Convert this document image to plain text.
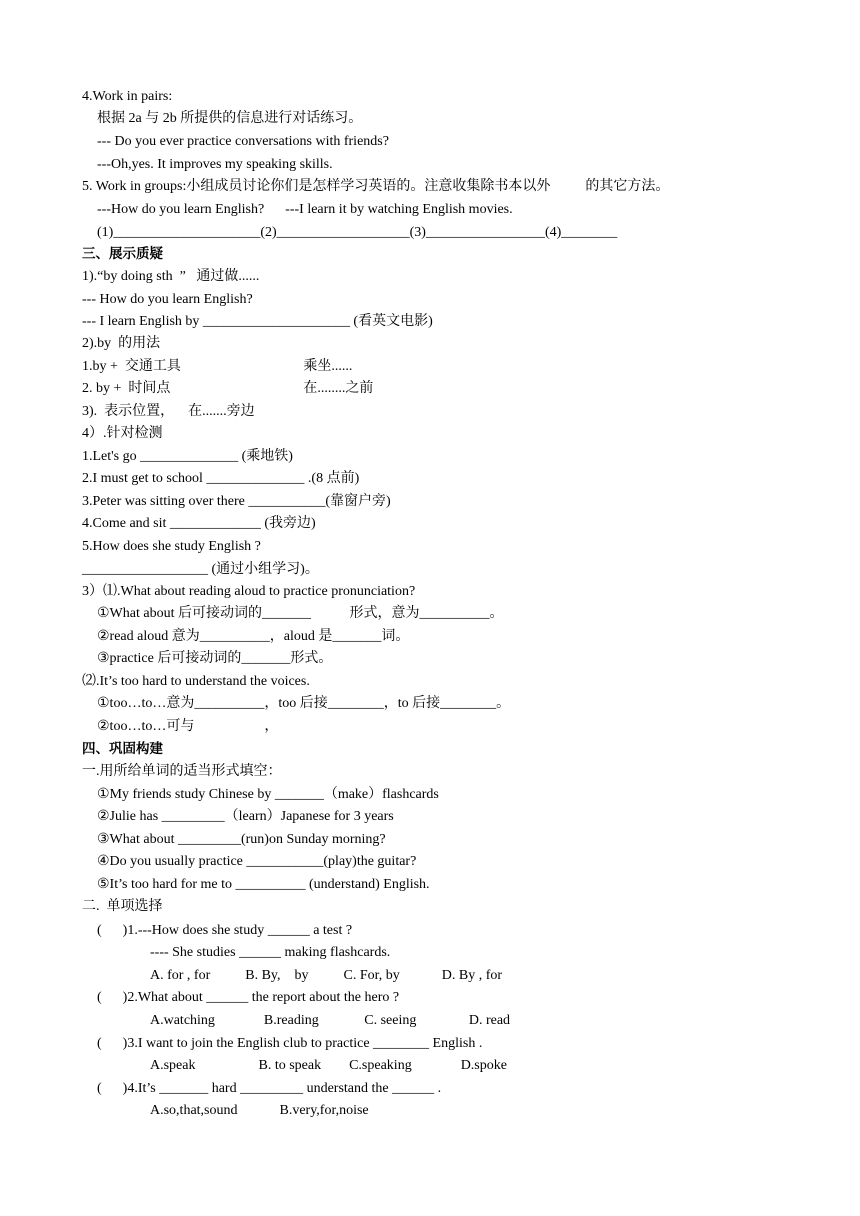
4.Work in pairs:
根据 2a 与 2b 所提供的信息进行对话练习。
--- Do you ever practice conversations with friends?
---Oh,yes. It improves my speaking skills.
5. Work in groups:小组成员讨论你们是怎样学习英语的。注意收集除书本以外          的其它方法。
---How do you learn English?      ---I learn it by watching English movies.
(1)_____________________(2)___________________(3)_________________(4)________
三、展示质疑
1).“by doing sth  ”   通过做......
--- How do you learn English?
--- I learn English by _____________________ (看英文电影)
2).by  的用法
1.by +  交通工具                                   乘坐......
2. by +  时间点                                      在........之前
3).  表示位置，    在.......旁边
4）.针对检测
1.Let's go ______________ (乘地铁)
2.I must get to school ______________ .(8 点前)
3.Peter was sitting over there ___________(靠窗户旁)
4.Come and sit _____________ (我旁边)
5.How does she study English ?
__________________ (通过小组学习)。
3）⑴.What about reading aloud to practice pronunciation?
①What about 后可接动词的_______           形式，意为__________。
②read aloud 意为__________，aloud 是_______词。
③practice 后可接动词的_______形式。
⑵.It’s too hard to understand the voices.
①too…to…意为__________，too 后接________，to 后接________。
②too…to…可与                    ，
四、巩固构建
一.用所给单词的适当形式填空：
①My friends study Chinese by _______（make）flashcards
②Julie has _________（learn）Japanese for 3 years
③What about _________(run)on Sunday morning?
④Do you usually practice ___________(play)the guitar?
⑤It’s too hard for me to __________ (understand) English.
二.  单项选择
(      )1.---How does she study ______ a test ?
---- She studies ______ making flashcards.
A. for , for          B. By,    by          C. For, by            D. By , for
(      )2.What about ______ the report about the hero ?
A.watching              B.reading             C. seeing               D. read
(      )3.I want to join the English club to practice ________ English .
A.speak                  B. to speak        C.speaking              D.spoke
(      )4.It’s _______ hard _________ understand the ______ .
A.so,that,sound            B.very,for,noise
